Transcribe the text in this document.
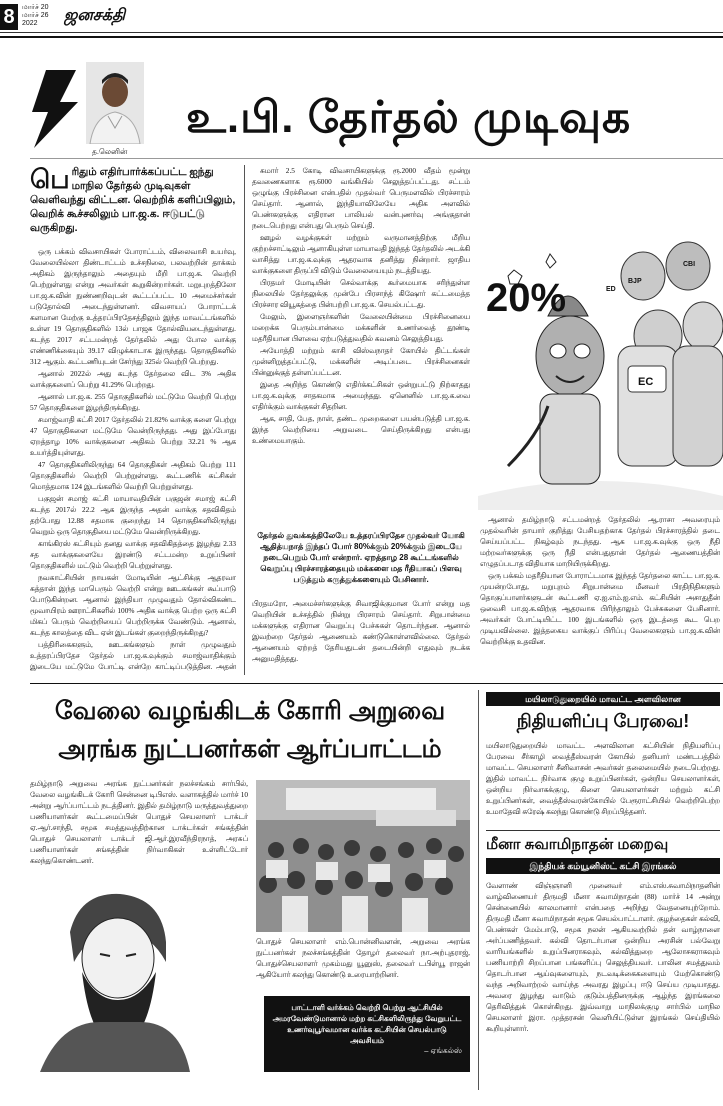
8	மார்ச் 20
மார்ச் 26
2022	ஜனசக்தி
த.லெனின்
உ.பி. தேர்தல் முடிவுக
பெ ரிதும் எதிர்பார்க்கப்பட்ட ஐந்து மாநில தேர்தல் முடிவுகள் வெளிவந்து விட்டன. வெற்றிக் களிப்பிலும், வெறிக் கூச்சலிலும் பா.ஜ.க. ஈடுபட்டு வருகிறது.

ஒரு பக்கம் விவசாயிகள் போராட்டம், விலைவாசி உயர்வு, வேலையில்லா திண்டாட்டம் உச்சநிலை, பலவற்றின் தாக்கம் அதிகம் இருந்தாலும் அதையும் மீறி பா.ஜ.க. வெற்றி பெற்றுள்ளது என்று அவர்கள் கூறுகின்றார்கள். மறுபுறத்திலோ பா.ஜ.க.வின் நுண்ணறிவுடன் கூட்டப்பட்ட 10 அமைச்சர்கள் படுதோல்வி அடைந்துள்ளனர். விவசாயப் போராட்டக் களமான மேற்கு உத்தரப்பிரதேசத்திலும் இந்த மாவட்டங்களில் உள்ள 19 தொகுதிகளில் 13ல் பாஜக தோல்வியடைந்துள்ளது. கடந்த 2017 சட்டமன்றத் தேர்தலில் அது போல வாக்கு எண்ணிக்கையும் 39.17 விழுக்காடாக இருந்தது. தொகுதிகளில் 312 ஆகும். கூட்டணியுடன் சேர்ந்து 325ல் வெற்றி பெற்றது.

ஆனால் 2022ல் அது கடந்த தேர்தலை விட 3% அதிக வாக்குகளைப் பெற்று 41.29% பெற்றது.

ஆனால் பா.ஜ.க. 255 தொகுதிகளில் மட்டுமே வெற்றி பெற்று 57 தொகுதிகளை இழந்திருக்கிறது.

சமாஜ்வாதி கட்சி 2017 தேர்தலில் 21.82% வாக்கு களை பெற்று 47 தொகுதிகளை மட்டுமே வென்றிருந்தது. அது இப்போது ஏறத்தாழ 10% வாக்குகளை அதிகம் பெற்று 32.21 % ஆக உயர்த்தியுள்ளது.

47 தொகுதிகளிலிருந்து 64 தொகுதிகள் அதிகம் பெற்று 111 தொகுதிகளில் வெற்றி பெற்றுள்ளது. கூட்டணிக் கட்சிகள் மொத்தமாக 124 இடங்களில் வெற்றி பெற்றுள்ளது.

பகுஜன் சமாஜ் கட்சி மாயாவதியின் பகுஜன் சமாஜ் கட்சி கடந்த 2017ல் 22.2 ஆக இருந்த அதன் வாக்கு சதவிகிதம் தற்போது 12.88 சதமாக குறைந்து 14 தொகுதிகளிலிருந்து வெறும் ஒரு தொகுதியை மட்டுமே வென்றிருக்கிறது.

காங்கிரஸ் கட்சியும் தனது வாக்கு சதவிகிதத்தை இழந்து 2.33 சத வாக்குகளையே இரண்டு சட்டமன்ற உறுப்பினர் தொகுதிகளில் மட்டும் வெற்றி பெற்றுள்ளது.

நவகாட்சியின் நாயகன் மோடியின் ஆட்சிக்கு ஆதரவா கத்தான் இந்த மாபெரும் வெற்றி என்று ஊடகங்கள் கூப்பாடு போடுகின்றன. ஆனால் இந்தியா முழுவதும் தோல்விகண்ட மூவாயிரம் ஊராட்சிகளில் 100% அதிக வாக்கு பெற்ற ஒரு கட்சி மிகப் பெரும் வெற்றியைப் பெற்றிருக்க வேண்டும். ஆனால், கடந்த காலத்தை விட ஏன் இடங்கள் குறைந்திருக்கிறது?

பத்திரிகைகளும், ஊடகங்களும் நாள் முழுவதும் உத்தரப்பிரதேச தேர்தல் பா.ஜ.க.வுக்கும் சமாஜ்வாதிக்கும் இடையே மட்டுமே போட்டி என்றே காட்டிப்படுத்தின. அதன்

சுமார் 2.5 கோடி விவசாயிகளுக்கு ரூ.2000 வீதம் மூன்று தவணைகளாக ரூ.6000 வங்கியில் செலுத்தப்பட்டது. சட்டம் ஒழுங்கு பிரச்சினை என்பதில் முதல்வர் பெருமளவில் பிரச்சாரம் செய்தார். ஆனால், இந்தியாவிலேயே அதிக அளவில் பெண்களுக்கு எதிரான பாலியல் வன்புணர்வு அங்குதான் நடைபெற்றது என்பது பெரும் செய்தி.

ஊழல் வழக்குகள் மற்றும் வருமானத்திற்கு மீறிய குற்றச்சாட்டிலும் ஆளாகியுள்ள மாயாவதி இந்தத் தேர்தலில் அடக்கி வாசித்து பா.ஜ.க.வுக்கு ஆதரவாக தனித்து நின்றார். ஜாதிய வாக்குகளை திருப்பி விடும் வேலையையும் நடத்தியது.

பிரதமர் மோடியின் செல்வாக்கு கூர்மையாக சரிந்துள்ள நிலையில் தேர்தலுக்கு முன்பே பிரசாந்த் கிஷோர் கட்டமைத்த பிரச்சார வியூகத்தை பின்பற்றி பா.ஜ.க. செயல்பட்டது.

மேலும், இளைஞர்களின் வேலையின்மை பிரச்சினையை மறைக்க பெரும்பான்மை மக்களின் உணர்வைத் தூண்டி மதரீதியான பிளவை ஏற்படுத்துவதில் கவனம் செலுத்தியது.

அயோத்தி மற்றும் காசி விஸ்வநாதர் கோயில் திட்டங்கள் முன்னிறுத்தப்பட்டு, மக்களின் அடிப்படை பிரச்சினைகள் பின்னுக்குத் தள்ளப்பட்டன.

இதை அறிந்த கொண்டு எதிர்க்கட்சிகள் ஒன்றுபட்டு நிற்காதது பா.ஜ.க.வுக்கு சாதகமாக அமைந்தது. ஏனெனில் பா.ஜ.க.வை எதிர்க்கும் வாக்குகள் சிதறின.

ஆக, சாதி, பேத, நாள், தண்ட முறைகளை பயன்படுத்தி பா.ஜ.க. இந்த வெற்றியை அறுவடை செய்திருக்கிறது என்பது உண்மையாகும்.

தேர்தல் துவக்கத்திலேயே உத்தரப்பிரதேச முதல்வர் யோகி ஆதித்யநாத் இந்தப் போர் 80%க்கும் 20%க்கும் இடையே நடைபெறும் போர் என்றார். ஏறத்தாழ 28 கூட்டங்களில் வெறுப்பு பிரச்சாரத்தையும் மக்களை மத ரீதியாகப் பிளவு படுத்தும் கருத்துக்களையும் பேசினார்.
பிரதமரோ, அமைச்சர்களுக்கு சிவாஜிக்குமான போர் என்று மத வெறியின் உச்சத்தில் நின்று பிரசாரம் செய்தார். சிறுபான்மை மக்களுக்கு எதிரான வெறுப்பு பேச்சுகள் தொடர்ந்தன. ஆனால் இவற்றை தேர்தல் ஆணையம் கண்டுகொள்ளவில்லை. தேர்தல் ஆணையம் ஏற்றத் தேரியதுடன் தடையின்றி எதுவும் நடக்க அனுமதித்தது.
20%	BJP
EC
ED
CBI

ஆனால் தமிழ்நாடு சட்டமன்றத் தேர்தலில் ஆ.ராசா அவரையும் முதல்வரின் தாயார் குறித்து பேசியதற்காக தேர்தல் பிரச்சாரத்தில் தடை செய்யப்பட்ட நிகழ்வும் நடந்தது. ஆக பா.ஜ.க.வுக்கு ஒரு நீதி மற்றவர்களுக்கு ஒரு நீதி என்பதுதான் தேர்தல் ஆணையத்தின் எழுதப்படாத விதியாக மாறியிருக்கிறது.

ஒரு பக்கம் மதரீதியான போராட்டமாக இந்தத் தேர்தலை காட்ட பா.ஜ.க. முயன்றபோது, மறுபுறம் சிறுபான்மை மீனவர் பிரதிநிதிகளும் தொகுப்பாளர்களுடன் கூட்டணி ஏ.ஐ.எம்.ஐ.எம். கட்சியின் அசாதுதீன் ஒவைசி பா.ஜ.க.விற்கு ஆதரவாக பிரிந்தாலும் பேச்சுகளை பேசினார். அவர்கள் போட்டியிட்ட 100 இடங்களில் ஒரு இடத்தை கூட பெற முடியவில்லை. இத்தகைய வாக்குப் பிரிப்பு வேலைகளும் பா.ஜ.க.வின் வெற்றிக்கு உதவின.

வேலை வழங்கிடக் கோரி அறுவை
அரங்க நுட்பனர்கள் ஆர்ப்பாட்டம்
தமிழ்நாடு அறுவை அரங்க நுட்பனர்கள் நலச்சங்கம் சார்பில், வேலை வழங்கிடக் கோரி சென்னை டிபிஎஸ். வளாகத்தில் மார்ச் 10 அன்று ஆர்ப்பாட்டம் நடத்தினர். இதில் தமிழ்நாடு மருத்துவத்துறை பணியாளர்கள் கூட்டமைப்பின் பொதுச் செயலாளர் டாக்டர் ஏ.ஆர்.சாந்தி, சமூக சமத்துவத்திற்கான டாக்டர்கள் சங்கத்தின் பொதுச் செயலாளர் டாக்டர் ஜி.ஆர்.இரவீந்திரநாத், அரசுப் பணியாளர்கள் சங்கத்தின் நிர்வாகிகள் உள்ளிட்டோர் கலந்துகொண்டனர்.
பொதுச் செயலாளர் எம்.பொன்னிவளன், அறுவை அரங்க நுட்பனர்கள் நலச்சங்கத்தின் தோழர் தலைவர் நா.அற்புதராஜ், பொதுச்செயலாளர் முகம்மது யூனுஸ், தலைவர் டபிள்யூ ராஜன் ஆகியோர் கலந்து கொண்டு உரையாற்றினர்.
பாட்டாளி வர்க்கம் வெற்றி பெற்று ஆட்சியில் அமரவேண்டுமானால் மற்ற கட்சிகளிலிருந்து வேறுபட்ட உணர்வுபூர்வமான வர்க்க கட்சியின் செயல்பாடு அவசியம்
– ஏங்கல்ஸ்
மயிலாடுதுறையில் மாவட்ட அளவிலான
நிதியளிப்பு பேரவை!
மயிலாடுதுறையில் மாவட்ட அளவிலான கட்சியின் நிதியளிப்பு பேரவை சீர்காழி வைத்தீஸ்வரன் கோயில் தனியார் மண்டபத்தில் மாவட்ட செயலாளர் சீனிவாசன் அவர்கள் தலைமையில் நடைபெற்றது. இதில் மாவட்ட நிர்வாக குழு உறுப்பினர்கள், ஒன்றிய செயலாளர்கள், ஒன்றிய நிர்வாகக்குழு, கிளை செயலாளர்கள் மற்றும் கட்சி உறுப்பினர்கள், வைத்தீஸ்வரன்கோயில் பேரூராட்சியில் வெற்றிபெற்ற உமாதேவி சுரேஷ் கலந்து கொண்டு சிறப்பித்தனர்.
மீனா சுவாமிநாதன் மறைவு
இந்தியக் கம்யூனிஸ்ட் கட்சி இரங்கல்
வேளாண் விஞ்ஞானி முனைவர் எம்.எஸ்.சுவாமிநாதனின் வாழ்விணையர் திருமதி மீனா சுவாமிநாதன் (88) மார்ச் 14 அன்று சென்னையில் காலமானார் என்பதை அறிந்து வேதனையுற்றோம். திருமதி மீனா சுவாமிநாதன் சமூக செயல்பாட்டாளர். குழந்தைகள் கல்வி, பெண்கள் மேம்பாடு, சமூக நலன் ஆகியவற்றில் தன் வாழ்நாளை அர்ப்பணித்தவர். கல்வி தொடர்பான ஒன்றிய அரசின் பல்வேறு வாரியங்களில் உறுப்பினராகவும், கல்வித்துறை ஆலோசகராகவும் பணியாற்றி சிறப்பான பங்களிப்பு செலுத்தியவர். பாலின சமத்துவம் தொடர்பான ஆய்வுகளையும், நடவடிக்கைகளையும் மேற்கொண்டு வந்த அறிவாற்றல் வாய்ந்த அவரது இழப்பு ஈடு செய்ய முடியாதது. அவரை இழந்து வாடும் குடும்பத்தினருக்கு ஆழ்ந்த இரங்கலை தெரிவித்துக் கொள்கிறது. இவ்வாறு மாநிலக்குழு சார்பில் மாநில செயலாளர் இரா. முத்தரசன் வெளியிட்டுள்ள இரங்கல் செய்தியில் கூறியுள்ளார்.
